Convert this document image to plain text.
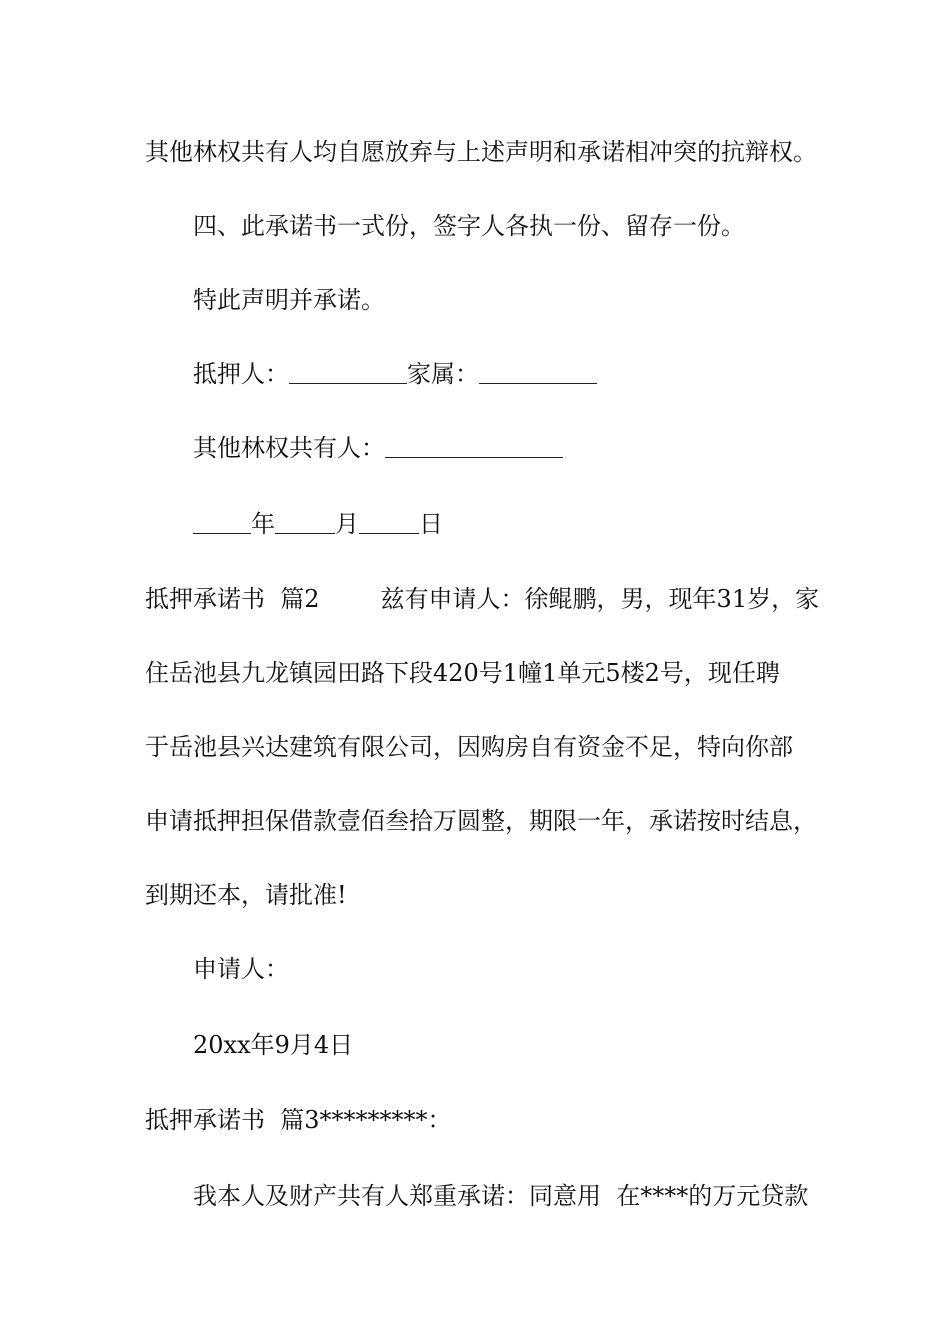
其他林权共有人均自愿放弃与上述声明和承诺相冲突的抗辩权。
四、此承诺书一式份，签字人各执一份、留存一份。
特此声明并承诺。
抵押人：	家属：
其他林权共有人：
年	月	日
抵押承诺书  篇2        兹有申请人：徐鲲鹏，男，现年31岁，家
住岳池县九龙镇园田路下段420号1幢1单元5楼2号，现任聘
于岳池县兴达建筑有限公司，因购房自有资金不足，特向你部
申请抵押担保借款壹佰叁拾万圆整，期限一年，承诺按时结息，
到期还本，请批准!
申请人：
20xx年9月4日
抵押承诺书  篇3*********：
我本人及财产共有人郑重承诺：同意用  在****的万元贷款
